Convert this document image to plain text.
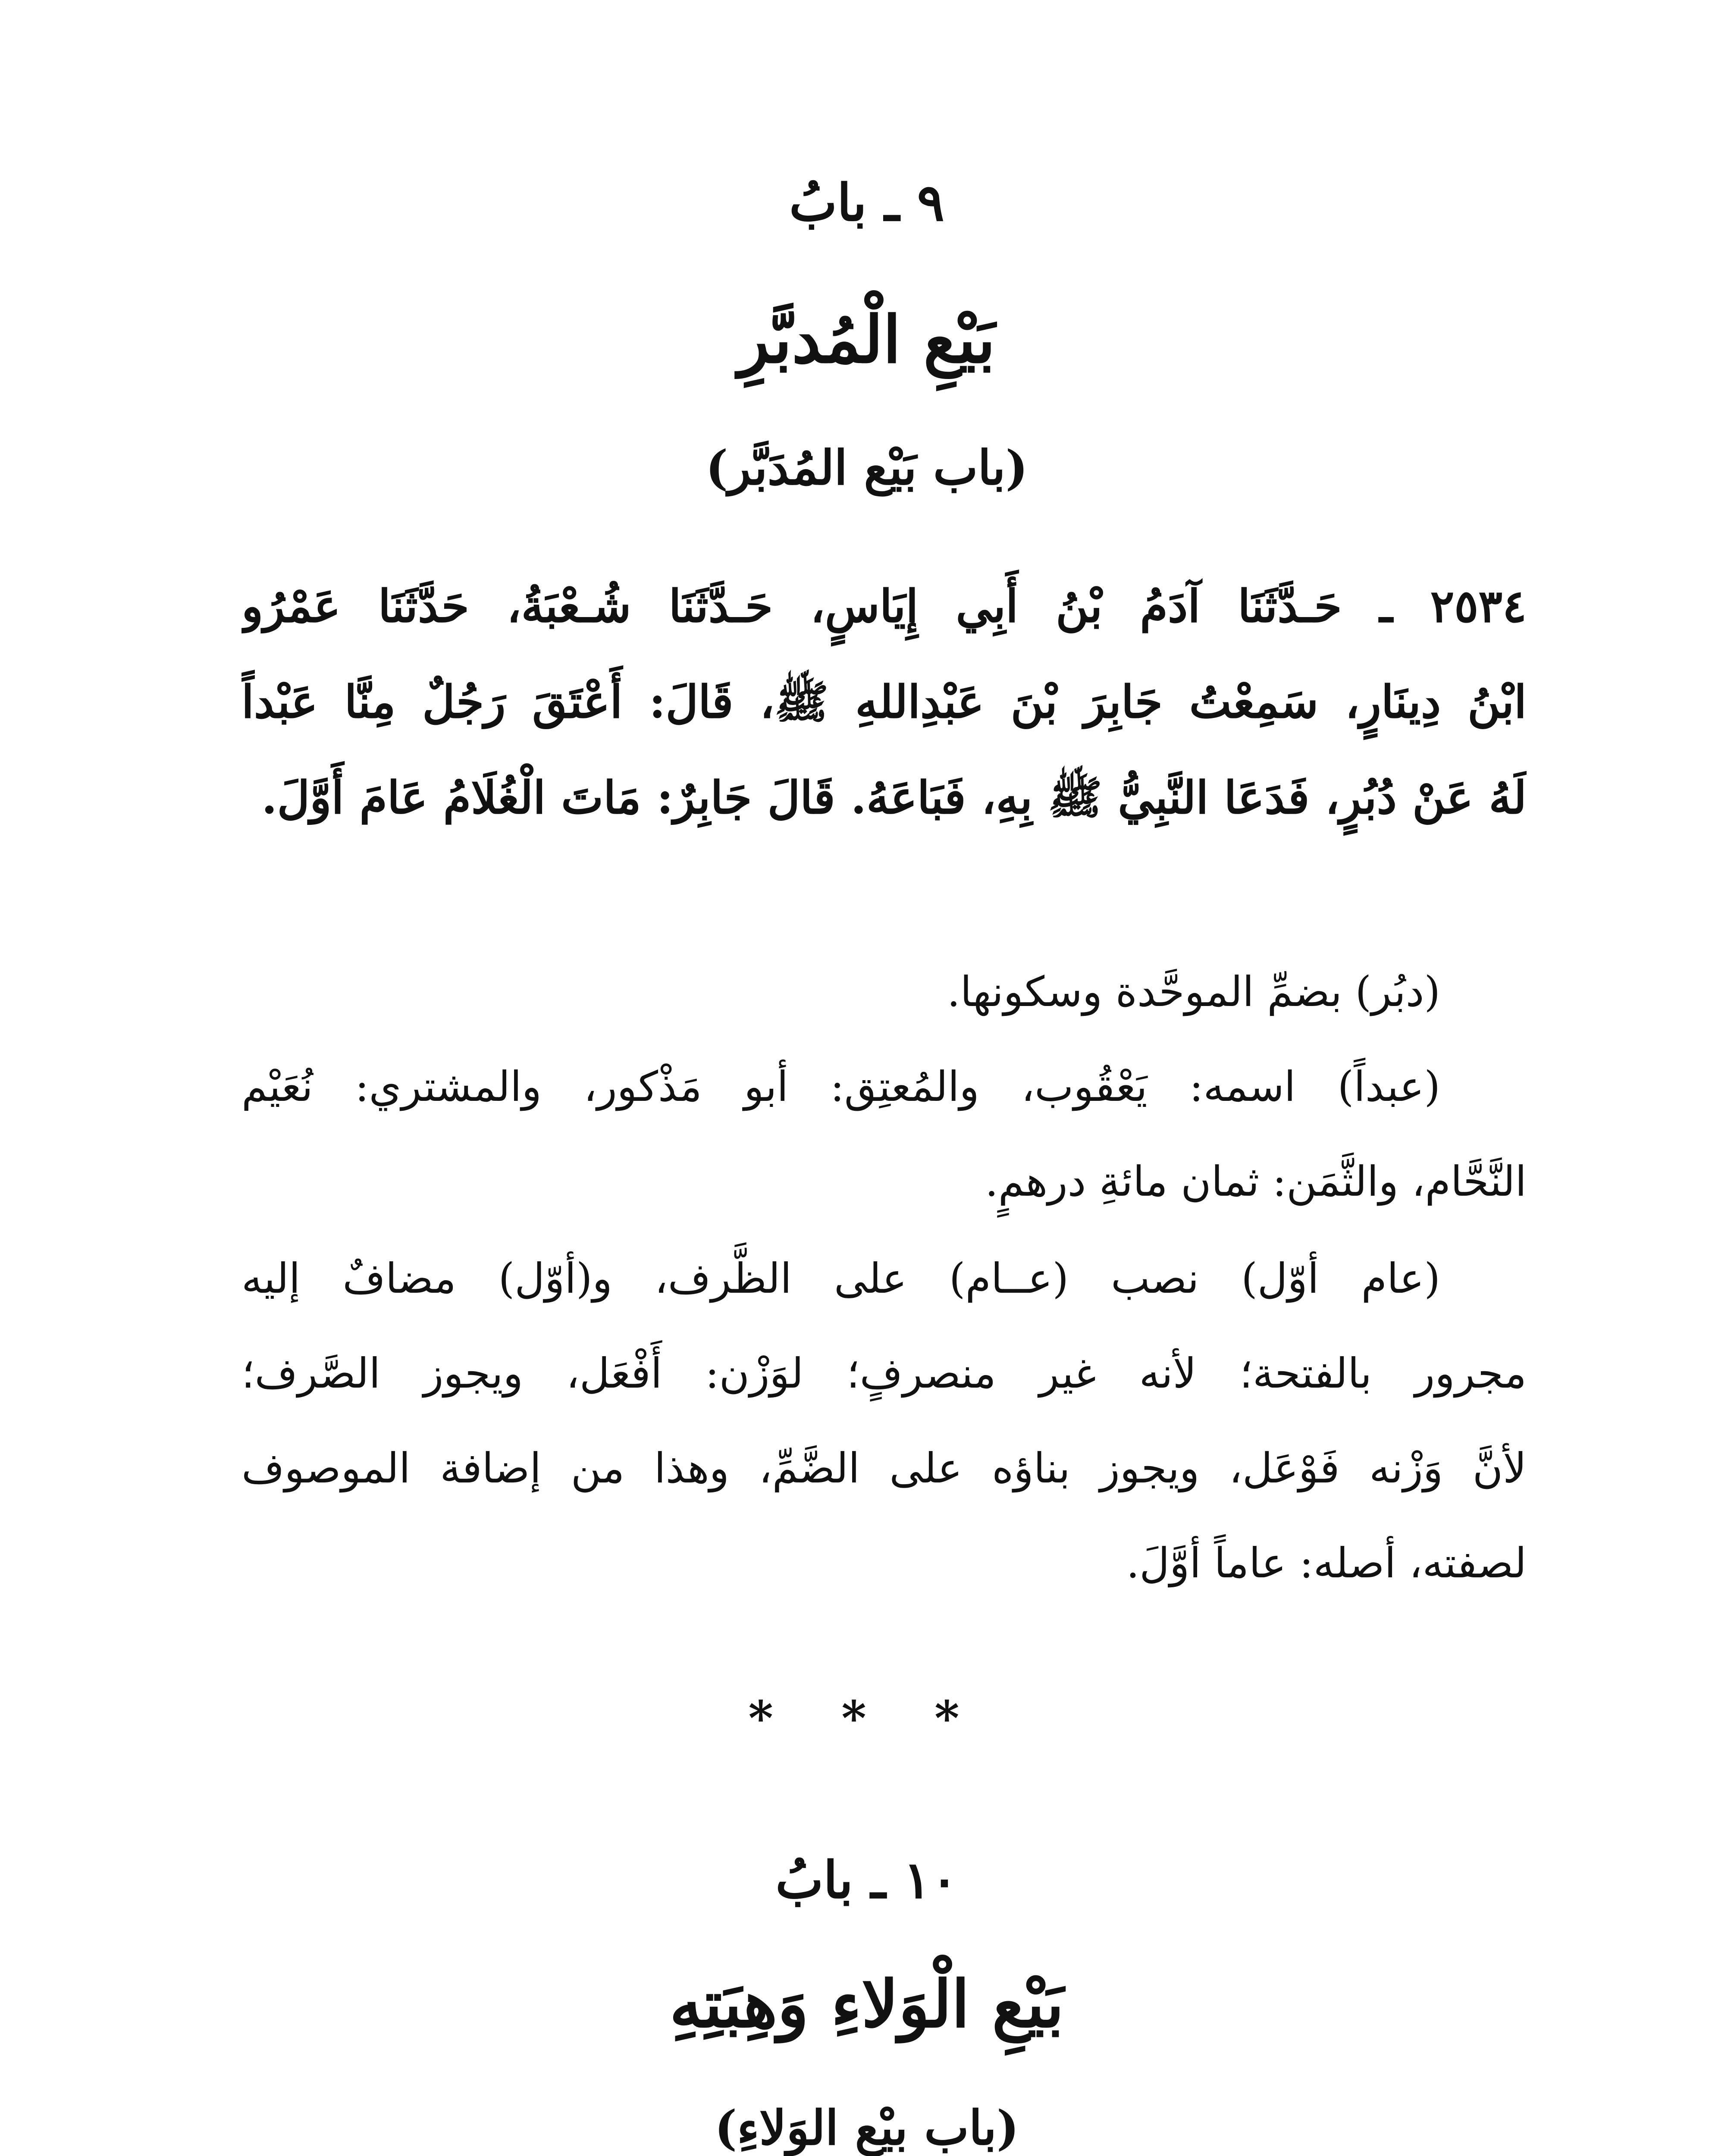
٩ ـ بابُ
بَيْعِ الْمُدبَّرِ
(باب بَيْع المُدَبَّر)
٢٥٣٤ ـ حَـدَّثَنَا آدَمُ بْنُ أَبِي إِيَاسٍ، حَـدَّثَنَا شُـعْبَةُ، حَدَّثَنَا عَمْرُو
ابْنُ دِينَارٍ، سَمِعْتُ جَابِرَ بْنَ عَبْدِاللهِ ﷺ، قَالَ: أَعْتَقَ رَجُلٌ مِنَّا عَبْداً
لَهُ عَنْ دُبُرٍ، فَدَعَا النَّبِيُّ ﷺ بِهِ، فَبَاعَهُ. قَالَ جَابِرٌ: مَاتَ الْغُلَامُ عَامَ أَوَّلَ.
(دبُر) بضمِّ الموحَّدة وسكونها.
(عبداً) اسمه: يَعْقُوب، والمُعتِق: أبو مَذْكور، والمشتري: نُعَيْم
النَّحَّام، والثَّمَن: ثمان مائةِ درهمٍ.
(عام أوّل) نصب (عــام) على الظَّرف، و(أوّل) مضافٌ إليه
مجرور بالفتحة؛ لأنه غير منصرفٍ؛ لوَزْن: أَفْعَل، ويجوز الصَّرف؛
لأنَّ وَزْنه فَوْعَل، ويجوز بناؤه على الضَّمِّ، وهذا من إضافة الموصوف
لصفته، أصله: عاماً أوَّلَ.
* * *
١٠ ـ بابُ
بَيْعِ الْوَلاءِ وَهِبَتِهِ
(باب بيْع الوَلاءِ)
